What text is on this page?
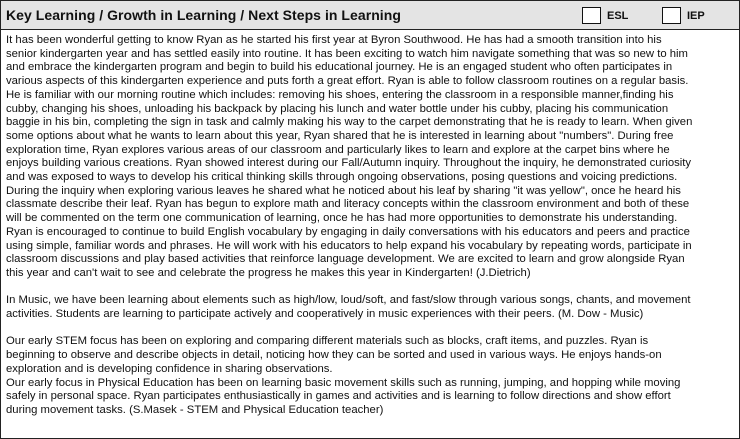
Key Learning / Growth in Learning / Next Steps in Learning	ESL	IEP
It has been wonderful getting to know Ryan as he started his first year at Byron Southwood. He has had a smooth transition into his
senior kindergarten year and has settled easily into routine. It has been exciting to watch him navigate something that was so new to him
and embrace the kindergarten program and begin to build his educational journey. He is an engaged student who often participates in
various aspects of this kindergarten experience and puts forth a great effort. Ryan is able to follow classroom routines on a regular basis.
He is familiar with our morning routine which includes: removing his shoes, entering the classroom in a responsible manner,finding his
cubby, changing his shoes, unloading his backpack by placing his lunch and water bottle under his cubby, placing his communication
baggie in his bin, completing the sign in task and calmly making his way to the carpet demonstrating that he is ready to learn. When given
some options about what he wants to learn about this year, Ryan shared that he is interested in learning about "numbers". During free
exploration time, Ryan explores various areas of our classroom and particularly likes to learn and explore at the carpet bins where he
enjoys building various creations. Ryan showed interest during our Fall/Autumn inquiry. Throughout the inquiry, he demonstrated curiosity
and was exposed to ways to develop his critical thinking skills through ongoing observations, posing questions and voicing predictions.
During the inquiry when exploring various leaves he shared what he noticed about his leaf by sharing "it was yellow", once he heard his
classmate describe their leaf. Ryan has begun to explore math and literacy concepts within the classroom environment and both of these
will be commented on the term one communication of learning, once he has had more opportunities to demonstrate his understanding.
Ryan is encouraged to continue to build English vocabulary by engaging in daily conversations with his educators and peers and practice
using simple, familiar words and phrases. He will work with his educators to help expand his vocabulary by repeating words, participate in
classroom discussions and play based activities that reinforce language development. We are excited to learn and grow alongside Ryan
this year and can't wait to see and celebrate the progress he makes this year in Kindergarten! (J.Dietrich)
In Music, we have been learning about elements such as high/low, loud/soft, and fast/slow through various songs, chants, and movement
activities. Students are learning to participate actively and cooperatively in music experiences with their peers. (M. Dow - Music)
Our early STEM focus has been on exploring and comparing different materials such as blocks, craft items, and puzzles. Ryan is
beginning to observe and describe objects in detail, noticing how they can be sorted and used in various ways. He enjoys hands-on
exploration and is developing confidence in sharing observations.
Our early focus in Physical Education has been on learning basic movement skills such as running, jumping, and hopping while moving
safely in personal space. Ryan participates enthusiastically in games and activities and is learning to follow directions and show effort
during movement tasks. (S.Masek - STEM and Physical Education teacher)
